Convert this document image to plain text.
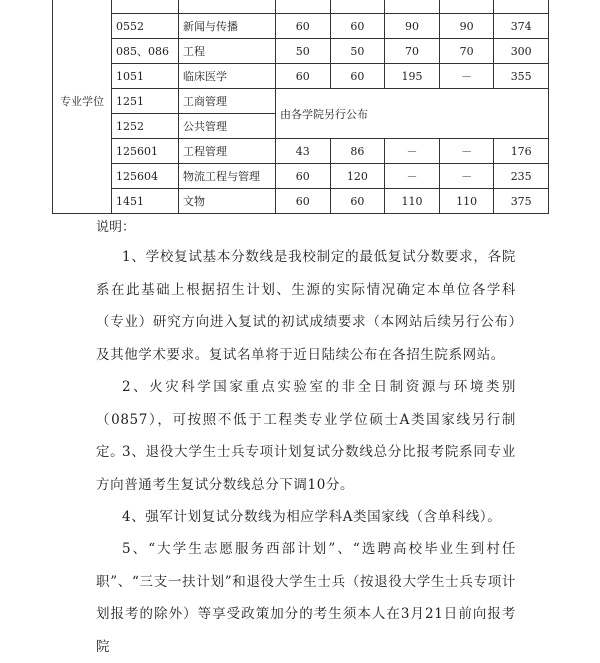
专业学位							
	0552	新闻与传播	60	60	90	90	374
	085、086	工程	50	50	70	70	300
	1051	临床医学	60	60	195	－	355
	1251	工商管理	由各学院另行公布				
	1252	公共管理					
	125601	工程管理	43	86	－	－	176
	125604	物流工程与管理	60	120	－	－	235
	1451	文物	60	60	110	110	375
说明：

1、学校复试基本分数线是我校制定的最低复试分数要求，各院系在此基础上根据招生计划、生源的实际情况确定本单位各学科（专业）研究方向进入复试的初试成绩要求（本网站后续另行公布）及其他学术要求。复试名单将于近日陆续公布在各招生院系网站。

2、火灾科学国家重点实验室的非全日制资源与环境类别（0857），可按照不低于工程类专业学位硕士A类国家线另行制定。

3、退役大学生士兵专项计划复试分数线总分比报考院系同专业方向普通考生复试分数线总分下调10分。

4、强军计划复试分数线为相应学科A类国家线（含单科线）。

5、“大学生志愿服务西部计划”、“选聘高校毕业生到村任职”、“三支一扶计划”和退役大学生士兵（按退役大学生士兵专项计划报考的除外）等享受政策加分的考生须本人在3月21日前向报考院
